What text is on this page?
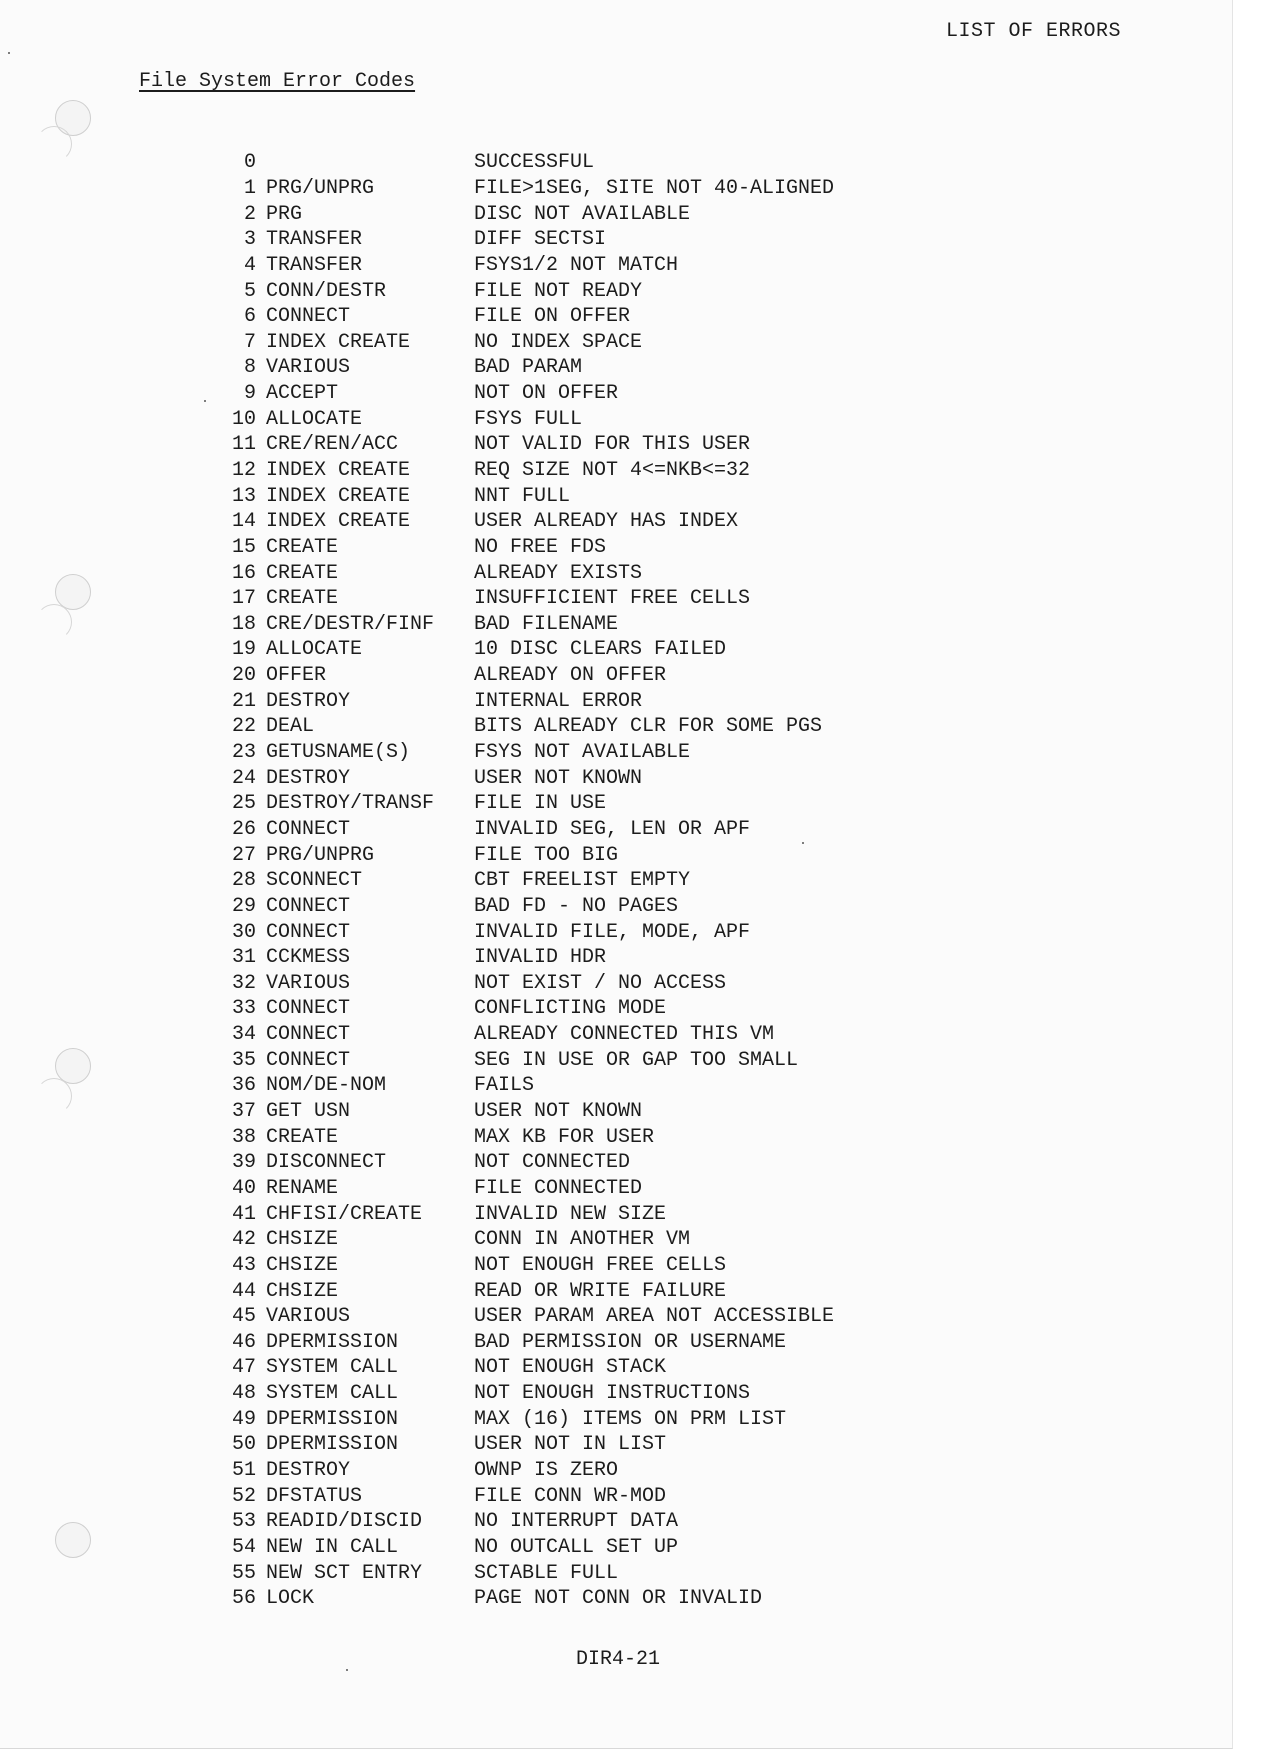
LIST OF ERRORS
File System Error Codes
0	SUCCESSFUL
1 PRG/UNPRG	FILE>1SEG, SITE NOT 40-ALIGNED
2 PRG	DISC NOT AVAILABLE
3 TRANSFER	DIFF SECTSI
4 TRANSFER	FSYS1/2 NOT MATCH
5 CONN/DESTR	FILE NOT READY
6 CONNECT	FILE ON OFFER
7 INDEX CREATE	NO INDEX SPACE
8 VARIOUS	BAD PARAM
9 ACCEPT	NOT ON OFFER
10 ALLOCATE	FSYS FULL
11 CRE/REN/ACC	NOT VALID FOR THIS USER
12 INDEX CREATE	REQ SIZE NOT 4<=NKB<=32
13 INDEX CREATE	NNT FULL
14 INDEX CREATE	USER ALREADY HAS INDEX
15 CREATE	NO FREE FDS
16 CREATE	ALREADY EXISTS
17 CREATE	INSUFFICIENT FREE CELLS
18 CRE/DESTR/FINF	BAD FILENAME
19 ALLOCATE	10 DISC CLEARS FAILED
20 OFFER	ALREADY ON OFFER
21 DESTROY	INTERNAL ERROR
22 DEAL	BITS ALREADY CLR FOR SOME PGS
23 GETUSNAME(S)	FSYS NOT AVAILABLE
24 DESTROY	USER NOT KNOWN
25 DESTROY/TRANSF	FILE IN USE
26 CONNECT	INVALID SEG, LEN OR APF
27 PRG/UNPRG	FILE TOO BIG
28 SCONNECT	CBT FREELIST EMPTY
29 CONNECT	BAD FD - NO PAGES
30 CONNECT	INVALID FILE, MODE, APF
31 CCKMESS	INVALID HDR
32 VARIOUS	NOT EXIST / NO ACCESS
33 CONNECT	CONFLICTING MODE
34 CONNECT	ALREADY CONNECTED THIS VM
35 CONNECT	SEG IN USE OR GAP TOO SMALL
36 NOM/DE-NOM	FAILS
37 GET USN	USER NOT KNOWN
38 CREATE	MAX KB FOR USER
39 DISCONNECT	NOT CONNECTED
40 RENAME	FILE CONNECTED
41 CHFISI/CREATE	INVALID NEW SIZE
42 CHSIZE	CONN IN ANOTHER VM
43 CHSIZE	NOT ENOUGH FREE CELLS
44 CHSIZE	READ OR WRITE FAILURE
45 VARIOUS	USER PARAM AREA NOT ACCESSIBLE
46 DPERMISSION	BAD PERMISSION OR USERNAME
47 SYSTEM CALL	NOT ENOUGH STACK
48 SYSTEM CALL	NOT ENOUGH INSTRUCTIONS
49 DPERMISSION	MAX (16) ITEMS ON PRM LIST
50 DPERMISSION	USER NOT IN LIST
51 DESTROY	OWNP IS ZERO
52 DFSTATUS	FILE CONN WR-MOD
53 READID/DISCID	NO INTERRUPT DATA
54 NEW IN CALL	NO OUTCALL SET UP
55 NEW SCT ENTRY	SCTABLE FULL
56 LOCK	PAGE NOT CONN OR INVALID
DIR4-21
